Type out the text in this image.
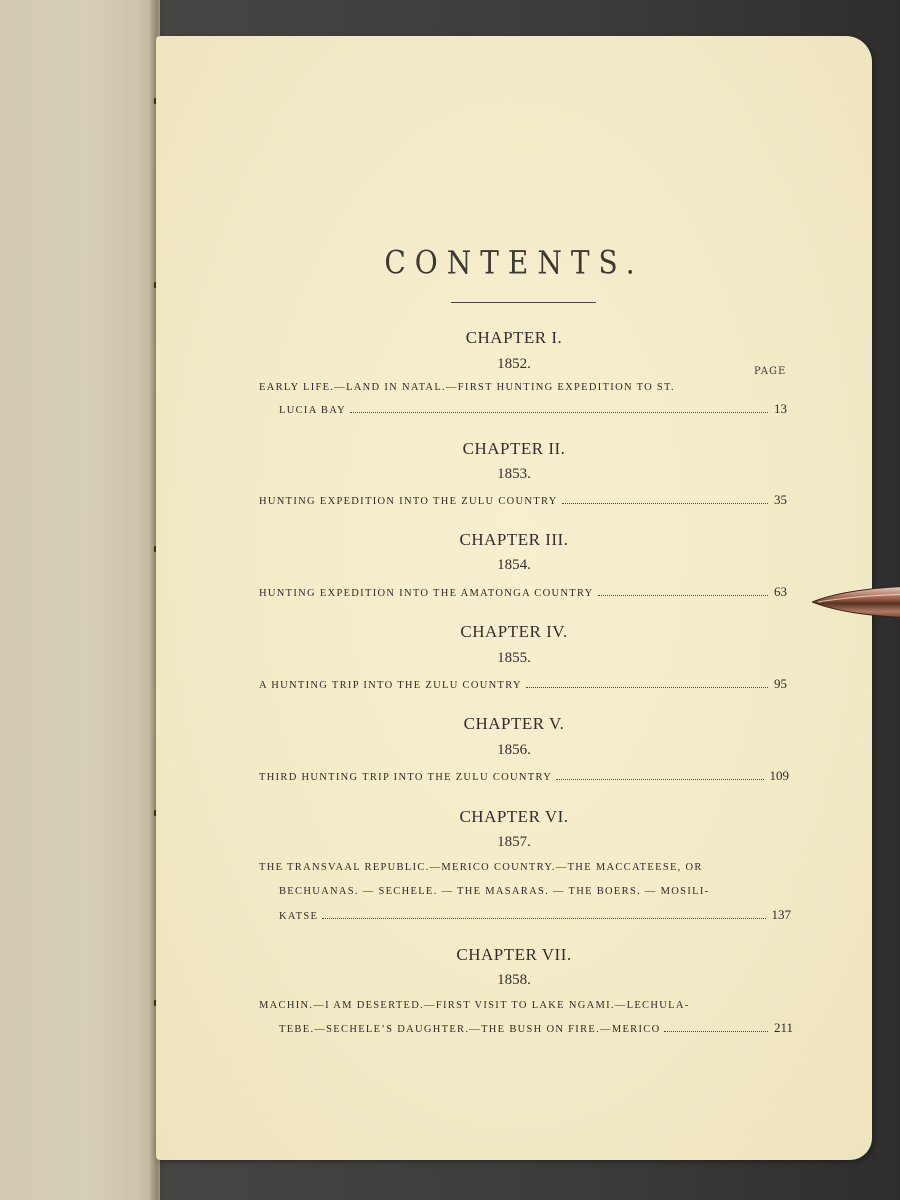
CONTENTS.
PAGE
CHAPTER I.
1852.
EARLY LIFE.—LAND IN NATAL.—FIRST HUNTING EXPEDITION TO ST.
LUCIA BAY	13
CHAPTER II.
1853.
HUNTING EXPEDITION INTO THE ZULU COUNTRY	35
CHAPTER III.
1854.
HUNTING EXPEDITION INTO THE AMATONGA COUNTRY	63
CHAPTER IV.
1855.
A HUNTING TRIP INTO THE ZULU COUNTRY	95
CHAPTER V.
1856.
THIRD HUNTING TRIP INTO THE ZULU COUNTRY	109
CHAPTER VI.
1857.
THE TRANSVAAL REPUBLIC.—MERICO COUNTRY.—THE MACCATEESE, OR
BECHUANAS. — SECHELE. — THE MASARAS. — THE BOERS. — MOSILI-
KATSE	137
CHAPTER VII.
1858.
MACHIN.—I AM DESERTED.—FIRST VISIT TO LAKE NGAMI.—LECHULA-
TEBE.—SECHELE’S DAUGHTER.—THE BUSH ON FIRE.—MERICO	211
